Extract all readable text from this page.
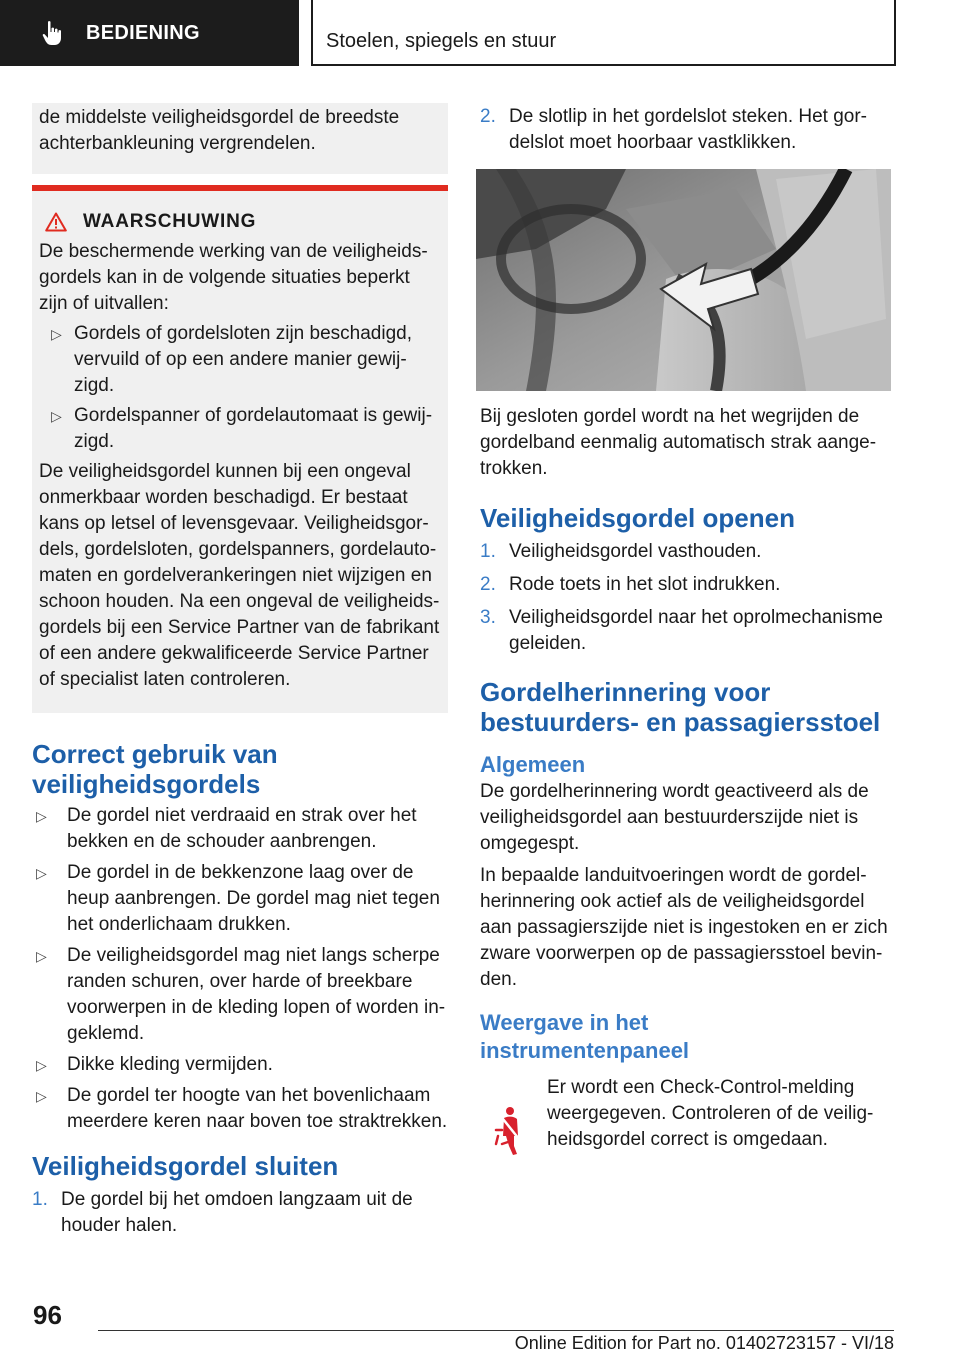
BEDIENING	Stoelen, spiegels en stuur
de middelste veiligheidsgordel de breedste
achterbankleuning vergrendelen.
WAARSCHUWING
De beschermende werking van de veiligheids-
gordels kan in de volgende situaties beperkt
zijn of uitvallen:
▷ Gordels of gordelsloten zijn beschadigd,
vervuild of op een andere manier gewij-
zigd.
▷ Gordelspanner of gordelautomaat is gewij-
zigd.
De veiligheidsgordel kunnen bij een ongeval
onmerkbaar worden beschadigd. Er bestaat
kans op letsel of levensgevaar. Veiligheidsgor-
dels, gordelsloten, gordelspanners, gordelauto-
maten en gordelverankeringen niet wijzigen en
schoon houden. Na een ongeval de veiligheids-
gordels bij een Service Partner van de fabrikant
of een andere gekwalificeerde Service Partner
of specialist laten controleren.
Correct gebruik van
veiligheidsgordels
▷ De gordel niet verdraaid en strak over het
bekken en de schouder aanbrengen.
▷ De gordel in de bekkenzone laag over de
heup aanbrengen. De gordel mag niet tegen
het onderlichaam drukken.
▷ De veiligheidsgordel mag niet langs scherpe
randen schuren, over harde of breekbare
voorwerpen in de kleding lopen of worden in-
geklemd.
▷ Dikke kleding vermijden.
▷ De gordel ter hoogte van het bovenlichaam
meerdere keren naar boven toe straktrekken.
Veiligheidsgordel sluiten
1. De gordel bij het omdoen langzaam uit de
houder halen.
2. De slotlip in het gordelslot steken. Het gor-
delslot moet hoorbaar vastklikken.
Bij gesloten gordel wordt na het wegrijden de
gordelband eenmalig automatisch strak aange-
trokken.
Veiligheidsgordel openen
1. Veiligheidsgordel vasthouden.
2. Rode toets in het slot indrukken.
3. Veiligheidsgordel naar het oprolmechanisme
geleiden.
Gordelherinnering voor
bestuurders- en passagiersstoel
Algemeen
De gordelherinnering wordt geactiveerd als de
veiligheidsgordel aan bestuurderszijde niet is
omgegespt.
In bepaalde landuitvoeringen wordt de gordel-
herinnering ook actief als de veiligheidsgordel
aan passagierszijde niet is ingestoken en er zich
zware voorwerpen op de passagiersstoel bevin-
den.
Weergave in het
instrumentenpaneel
Er wordt een Check-Control-melding
weergegeven. Controleren of de veilig-
heidsgordel correct is omgedaan.
96
Online Edition for Part no. 01402723157 - VI/18
